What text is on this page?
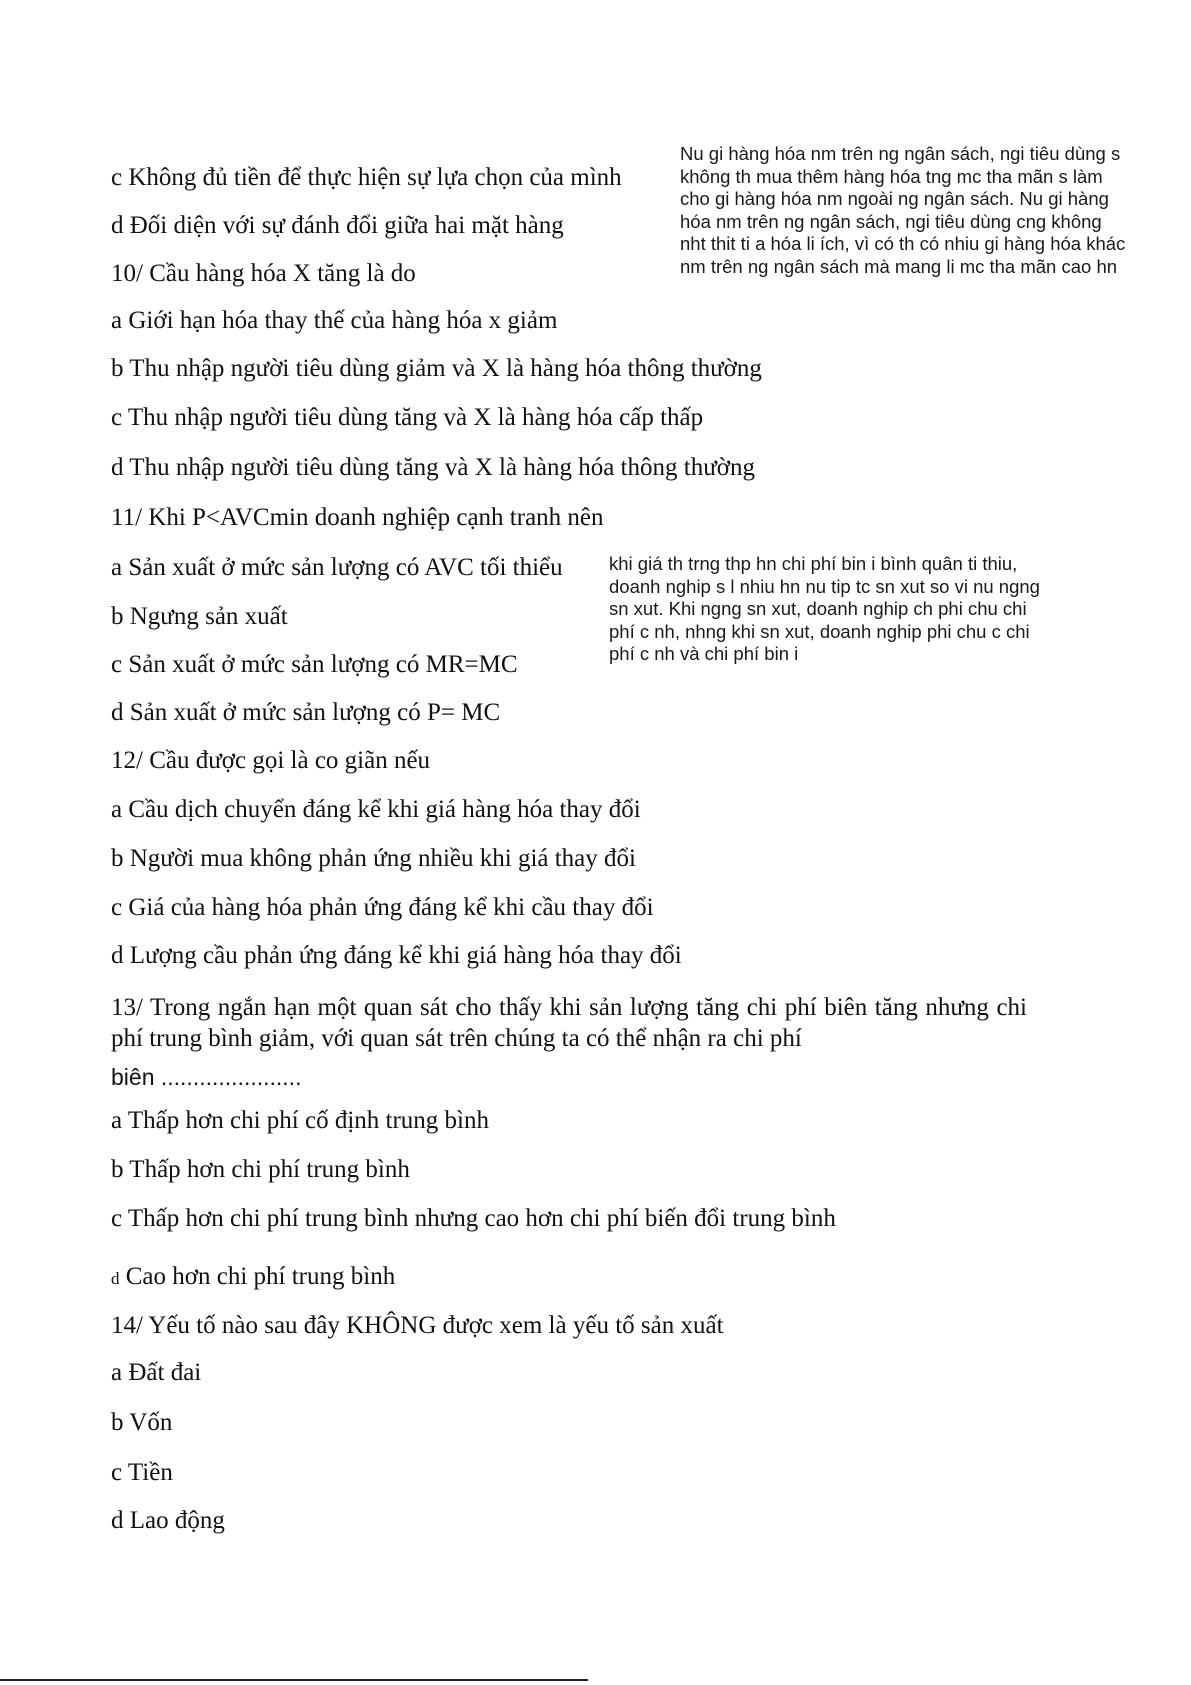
c Không đủ tiền để thực hiện sự lựa chọn của mình
d Đối diện với sự đánh đổi giữa hai mặt hàng
10/ Cầu hàng hóa X tăng là do
a Giới hạn hóa thay thế của hàng hóa x giảm
b Thu nhập người tiêu dùng giảm và X là hàng hóa thông thường
c Thu nhập người tiêu dùng tăng và X là hàng hóa cấp thấp
d Thu nhập người tiêu dùng tăng và X là hàng hóa thông thường
11/ Khi P<AVCmin doanh nghiệp cạnh tranh nên
a Sản xuất ở mức sản lượng có AVC tối thiểu
b Ngưng sản xuất
c Sản xuất ở mức sản lượng có MR=MC
d Sản xuất ở mức sản lượng có P= MC
12/ Cầu được gọi là co giãn nếu
a Cầu dịch chuyển đáng kể khi giá hàng hóa thay đổi
b Người mua không phản ứng nhiều khi giá thay đổi
c Giá của hàng hóa phản ứng đáng kể khi cầu thay đổi
d Lượng cầu phản ứng đáng kể khi giá hàng hóa thay đổi
13/ Trong ngắn hạn một quan sát cho thấy khi sản lượng tăng chi phí biên tăng nhưng chi phí trung bình giảm, với quan sát trên chúng ta có thể nhận ra chi phí
biên ......................
a Thấp hơn chi phí cố định trung bình
b Thấp hơn chi phí trung bình
c Thấp hơn chi phí trung bình nhưng cao hơn chi phí biến đổi trung bình
d Cao hơn chi phí trung bình
14/ Yếu tố nào sau đây KHÔNG được xem là yếu tố sản xuất
a Đất đai
b Vốn
c Tiền
d Lao động
Nu gi hàng hóa nm trên ng ngân sách, ngi tiêu dùng s
không th mua thêm hàng hóa tng mc tha mãn s làm
cho gi hàng hóa nm ngoài ng ngân sách. Nu gi hàng
hóa nm trên ng ngân sách, ngi tiêu dùng cng không
nht thit ti a hóa li ích, vì có th có nhiu gi hàng hóa khác
nm trên ng ngân sách mà mang li mc tha mãn cao hn
khi giá th trng thp hn chi phí bin i bình quân ti thiu,
doanh nghip s l nhiu hn nu tip tc sn xut so vi nu ngng
sn xut. Khi ngng sn xut, doanh nghip ch phi chu chi
phí c nh, nhng khi sn xut, doanh nghip phi chu c chi
phí c nh và chi phí bin i
